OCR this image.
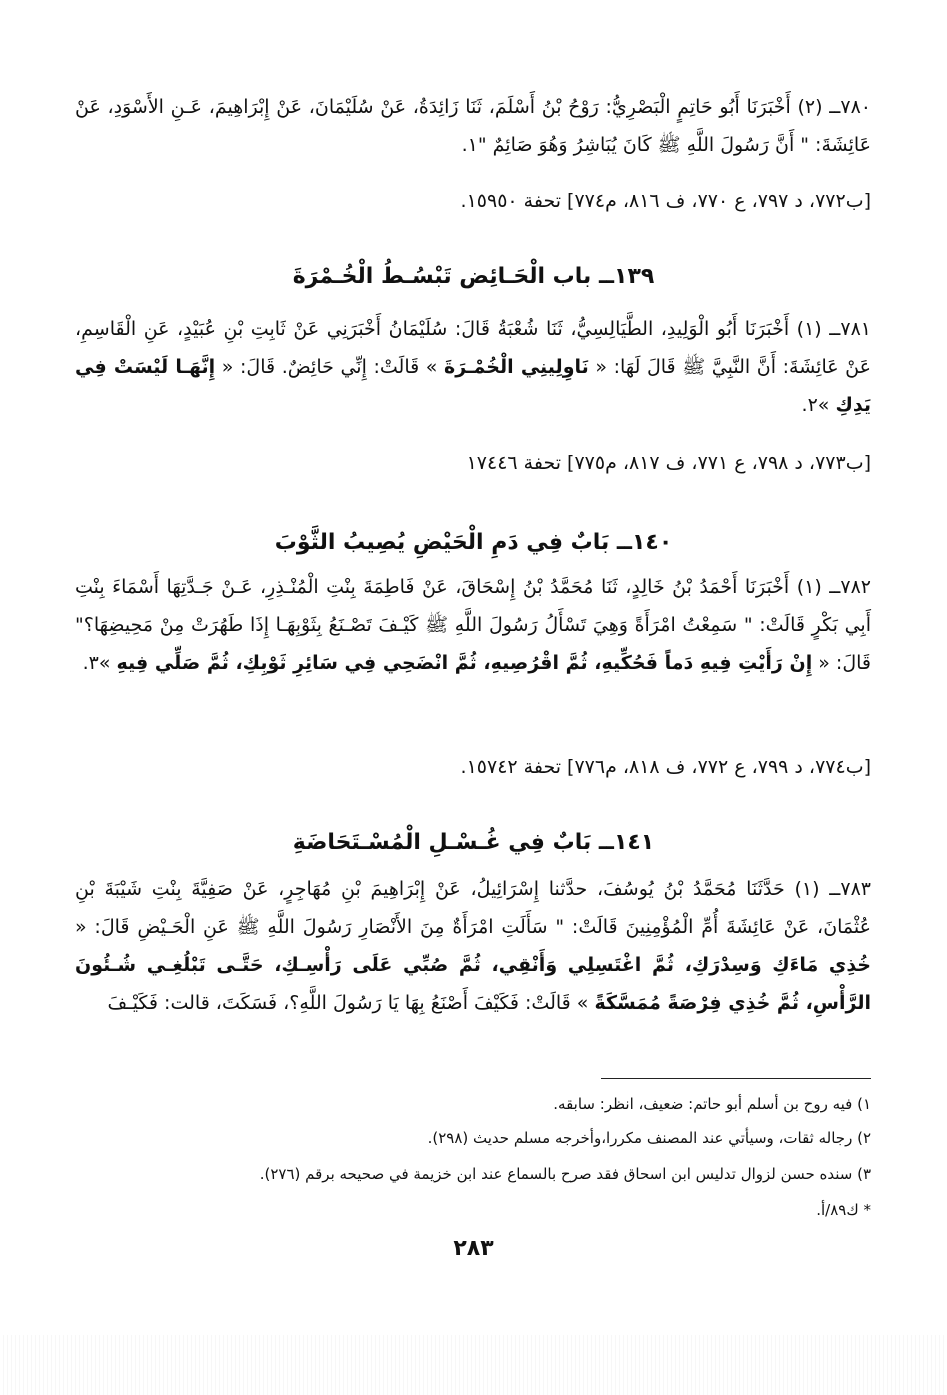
٧٨٠ــ (٢) أَخْبَرَنَا أَبُو حَاتِمٍ الْبَصْرِيُّ: رَوْحُ بْنُ أَسْلَمَ، ثَنَا زَائِدَةُ، عَنْ سُلَيْمَانَ، عَنْ إِبْرَاهِيمَ، عَـنِ الأَسْوَدِ، عَنْ عَائِشَةَ: " أَنَّ رَسُولَ اللَّهِ ﷺ كَانَ يُبَاشِرُ وَهُوَ صَائِمٌ "١.
[ب٧٧٢، د ٧٩٧، ع ٧٧٠، ف ٨١٦، م٧٧٤] تحفة ١٥٩٥٠.
١٣٩ــ باب الْحَـائِض تَبْسُـطُ الْخُـمْرَةَ
٧٨١ــ (١) أَخْبَرَنَا أَبُو الْوَلِيدِ، الطَّيَالِسِيُّ، ثَنَا شُعْبَةُ قَالَ: سُلَيْمَانُ أَخْبَرَنِي عَنْ ثَابِتِ بْنِ عُبَيْدٍ، عَنِ الْقَاسِمِ، عَنْ عَائِشَةَ: أَنَّ النَّبِيَّ ﷺ قَالَ لَهَا: « نَاوِلِينِي الْخُمْـرَةَ » قَالَتْ: إِنِّي حَائِضٌ. قَالَ: « إِنَّهَـا لَيْسَتْ فِي يَدِكِ »٢.
[ب٧٧٣، د ٧٩٨، ع ٧٧١، ف ٨١٧، م٧٧٥] تحفة ١٧٤٤٦
١٤٠ــ بَابٌ فِي دَمِ الْحَيْضِ يُصِيبُ الثَّوْبَ
٧٨٢ــ (١) أَخْبَرَنَا أَحْمَدُ بْنُ خَالِدٍ، ثَنَا مُحَمَّدُ بْنُ إِسْحَاقَ، عَنْ فَاطِمَةَ بِنْتِ الْمُنْـذِرِ، عَـنْ جَـدَّتِهَا أَسْمَاءَ بِنْتِ أَبِي بَكْرٍ قَالَتْ: " سَمِعْتُ امْرَأَةً وَهِيَ تَسْأَلُ رَسُولَ اللَّهِ ﷺ كَيْـفَ تَصْـنَعُ بِثَوْبِهَـا إِذَا طَهُرَتْ مِنْ مَحِيضِهَا؟" قَالَ: « إِنْ رَأَيْتِ فِيهِ دَماً فَحُكِّيهِ، ثُمَّ اقْرُصِيهِ، ثُمَّ انْضَحِي فِي سَائِرِ ثَوْبِكِ، ثُمَّ صَلِّي فِيهِ »٣.
[ب٧٧٤، د ٧٩٩، ع ٧٧٢، ف ٨١٨، م٧٧٦] تحفة ١٥٧٤٢.
١٤١ــ بَابٌ فِي غُـسْـلِ الْمُسْـتَحَاضَةِ
٧٨٣ــ (١) حَدَّثَنَا مُحَمَّدُ بْنُ يُوسُفَ، حدَّثنا إِسْرَائِيلُ، عَنْ إِبْرَاهِيمَ بْنِ مُهَاجِرٍ، عَنْ صَفِيَّةَ بِنْتِ شَيْبَةَ بْنِ عُثْمَانَ، عَنْ عَائِشَةَ أُمِّ الْمُؤْمِنِينَ قَالَتْ: " سَأَلَتِ امْرَأَةٌ مِنَ الأَنْصَارِ رَسُولَ اللَّهِ ﷺ عَنِ الْحَـيْضِ قَالَ: « خُذِي مَاءَكِ وَسِدْرَكِ، ثُمَّ اغْتَسِلِي وَأَنْقِي، ثُمَّ صُبِّي عَلَى رَأْسِـكِ، حَتَّـى تَبْلُغِـي شُـئُونَ الرَّأْسِ، ثُمَّ خُذِي فِرْصَةً مُمَسَّكَةً » قَالَتْ: فَكَيْفَ أَصْنَعُ بِهَا يَا رَسُولَ اللَّهِ؟، فَسَكَتَ، قالت: فَكَيْـفَ
١) فيه روح بن أسلم أبو حاتم: ضعيف، انظر: سابقه.
٢) رجاله ثقات، وسيأتي عند المصنف مكررا،وأخرجه مسلم حديث (٢٩٨).
٣) سنده حسن لزوال تدليس ابن اسحاق فقد صرح بالسماع عند ابن خزيمة في صحيحه برقم (٢٧٦).
* ك٨٩/أ.
٢٨٣
